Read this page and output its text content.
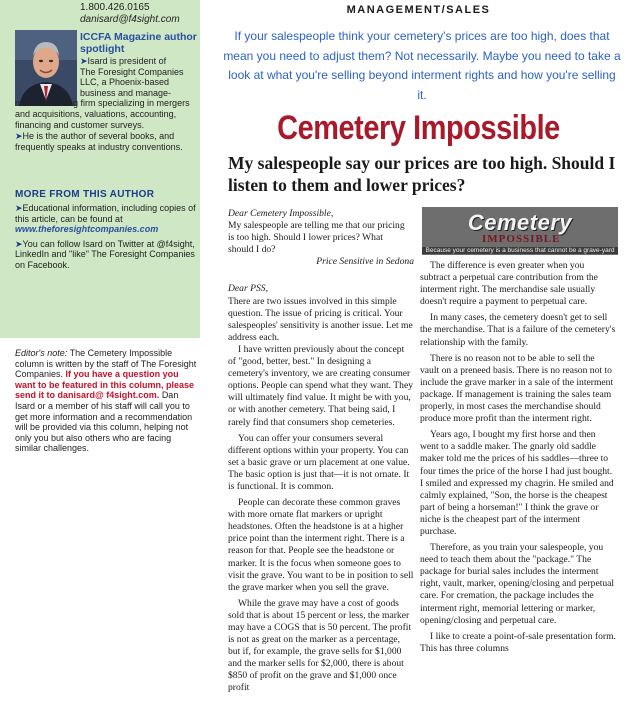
1.800.426.0165
danisard@f4sight.com
ICCFA Magazine author spotlight

➤Isard is president of

The Foresight Companies

LLC, a Phoenix-based

business and manage-

ment consulting firm specializing in mergers and acquisitions, valuations, accounting, financing and customer surveys.

➤He is the author of several books, and frequently speaks at industry conventions.

MORE FROM THIS AUTHOR

➤Educational information, including copies of this article, can be found at
www.theforesightcompanies.com

➤You can follow Isard on Twitter at @f4sight, LinkedIn and "like" The Foresight Companies on Facebook.

Editor's note: The Cemetery Impossible column is written by the staff of The Foresight Companies. If you have a question you want to be featured in this column, please send it to danisard@ f4sight.com. Dan Isard or a member of his staff will call you to get more information and a recommendation will be provided via this column, helping not only you but also others who are facing similar challenges.
MANAGEMENT/SALES
If your salespeople think your cemetery's prices are too high, does that mean you need to adjust them? Not necessarily. Maybe you need to take a look at what you're selling beyond interment rights and how you're selling it.
Cemetery Impossible
My salespeople say our prices are too high. Should I listen to them and lower prices?

Dear Cemetery Impossible,

My salespeople are telling me that our pricing is too high. Should I lower prices? What should I do?

Price Sensitive in Sedona

Dear PSS,

There are two issues involved in this simple question. The issue of pricing is critical. Your salespeoples' sensitivity is another issue. Let me address each.

I have written previously about the concept of "good, better, best." In designing a cemetery's inventory, we are creating consumer options. People can spend what they want. They will ultimately find value. It might be with you, or with another cemetery. That being said, I rarely find that consumers shop cemeteries.

You can offer your consumers several different options within your property. You can set a basic grave or urn placement at one value. The basic option is just that—it is not ornate. It is functional. It is common.

People can decorate these common graves with more ornate flat markers or upright headstones. Often the headstone is at a higher price point than the interment right. There is a reason for that. People see the headstone or marker. It is the focus when someone goes to visit the grave. You want to be in position to sell the grave marker when you sell the grave.

While the grave may have a cost of goods sold that is about 15 percent or less, the marker may have a COGS that is 50 percent. The profit is not as great on the marker as a percentage, but if, for example, the grave sells for $1,000 and the marker sells for $2,000, there is about $850 of profit on the grave and $1,000 once profit

Cemetery
IMPOSSIBLE
Because your cemetery is a business that cannot be a grave-yard

The difference is even greater when you subtract a perpetual care contribution from the interment right. The merchandise sale usually doesn't require a payment to perpetual care.

In many cases, the cemetery doesn't get to sell the merchandise. That is a failure of the cemetery's relationship with the family.

There is no reason not to be able to sell the vault on a preneed basis. There is no reason not to include the grave marker in a sale of the interment package. If management is training the sales team properly, in most cases the merchandise should produce more profit than the interment right.

Years ago, I bought my first horse and then went to a saddle maker. The gnarly old saddle maker told me the prices of his saddles—three to four times the price of the horse I had just bought. I smiled and expressed my chagrin. He smiled and calmly explained, "Son, the horse is the cheapest part of being a horseman!" I think the grave or niche is the cheapest part of the interment purchase.

Therefore, as you train your salespeople, you need to teach them about the "package." The package for burial sales includes the interment right, vault, marker, opening/closing and perpetual care. For cremation, the package includes the interment right, memorial lettering or marker, opening/closing and perpetual care.

I like to create a point-of-sale presentation form. This has three columns
